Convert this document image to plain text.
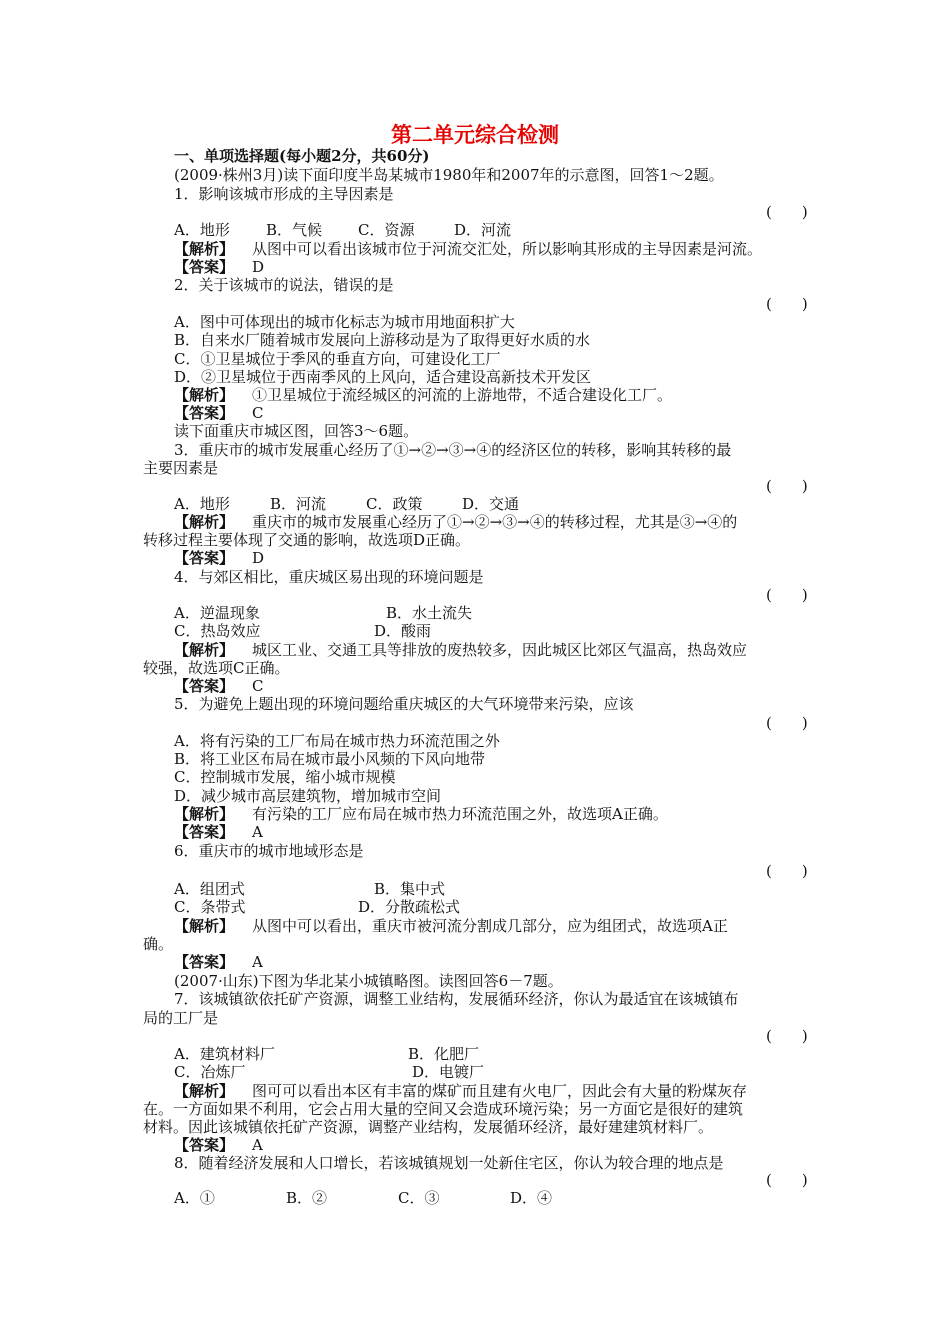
第二单元综合检测
一、单项选择题(每小题2分，共60分)
(2009·株州3月)读下面印度半岛某城市1980年和2007年的示意图，回答1～2题。
1．影响该城市形成的主导因素是
(　　)
A．地形 B．气候 C．资源	D．河流
【解析】 从图中可以看出该城市位于河流交汇处，所以影响其形成的主导因素是河流。
【答案】 D
2．关于该城市的说法，错误的是
(　　)
A．图中可体现出的城市化标志为城市用地面积扩大
B．自来水厂随着城市发展向上游移动是为了取得更好水质的水
C．①卫星城位于季风的垂直方向，可建设化工厂
D．②卫星城位于西南季风的上风向，适合建设高新技术开发区
【解析】 ①卫星城位于流经城区的河流的上游地带，不适合建设化工厂。
【答案】 C
读下面重庆市城区图，回答3～6题。
3．重庆市的城市发展重心经历了①→②→③→④的经济区位的转移，影响其转移的最
主要因素是
(　　)
A．地形	B．河流	C．政策	D．交通
【解析】 重庆市的城市发展重心经历了①→②→③→④的转移过程，尤其是③→④的
转移过程主要体现了交通的影响，故选项D正确。
【答案】 D
4．与郊区相比，重庆城区易出现的环境问题是
(　　)
A．逆温现象	B．水土流失
C．热岛效应	D．酸雨
【解析】 城区工业、交通工具等排放的废热较多，因此城区比郊区气温高，热岛效应
较强，故选项C正确。
【答案】 C
5．为避免上题出现的环境问题给重庆城区的大气环境带来污染，应该
(　　)
A．将有污染的工厂布局在城市热力环流范围之外
B．将工业区布局在城市最小风频的下风向地带
C．控制城市发展，缩小城市规模
D．减少城市高层建筑物，增加城市空间
【解析】 有污染的工厂应布局在城市热力环流范围之外，故选项A正确。
【答案】 A
6．重庆市的城市地域形态是
(　　)
A．组团式	B．集中式
C．条带式	D．分散疏松式
【解析】 从图中可以看出，重庆市被河流分割成几部分，应为组团式，故选项A正
确。
【答案】 A
(2007·山东)下图为华北某小城镇略图。读图回答6－7题。
7．该城镇欲依托矿产资源，调整工业结构，发展循环经济，你认为最适宜在该城镇布
局的工厂是
(　　)
A．建筑材料厂	B．化肥厂
C．冶炼厂	D．电镀厂
【解析】 图可可以看出本区有丰富的煤矿而且建有火电厂，因此会有大量的粉煤灰存
在。一方面如果不利用，它会占用大量的空间又会造成环境污染；另一方面它是很好的建筑
材料。因此该城镇依托矿产资源，调整产业结构，发展循环经济，最好建建筑材料厂。
【答案】 A
8．随着经济发展和人口增长，若该城镇规划一处新住宅区，你认为较合理的地点是
(　　)
A．①	B．②	C．③	D．④
